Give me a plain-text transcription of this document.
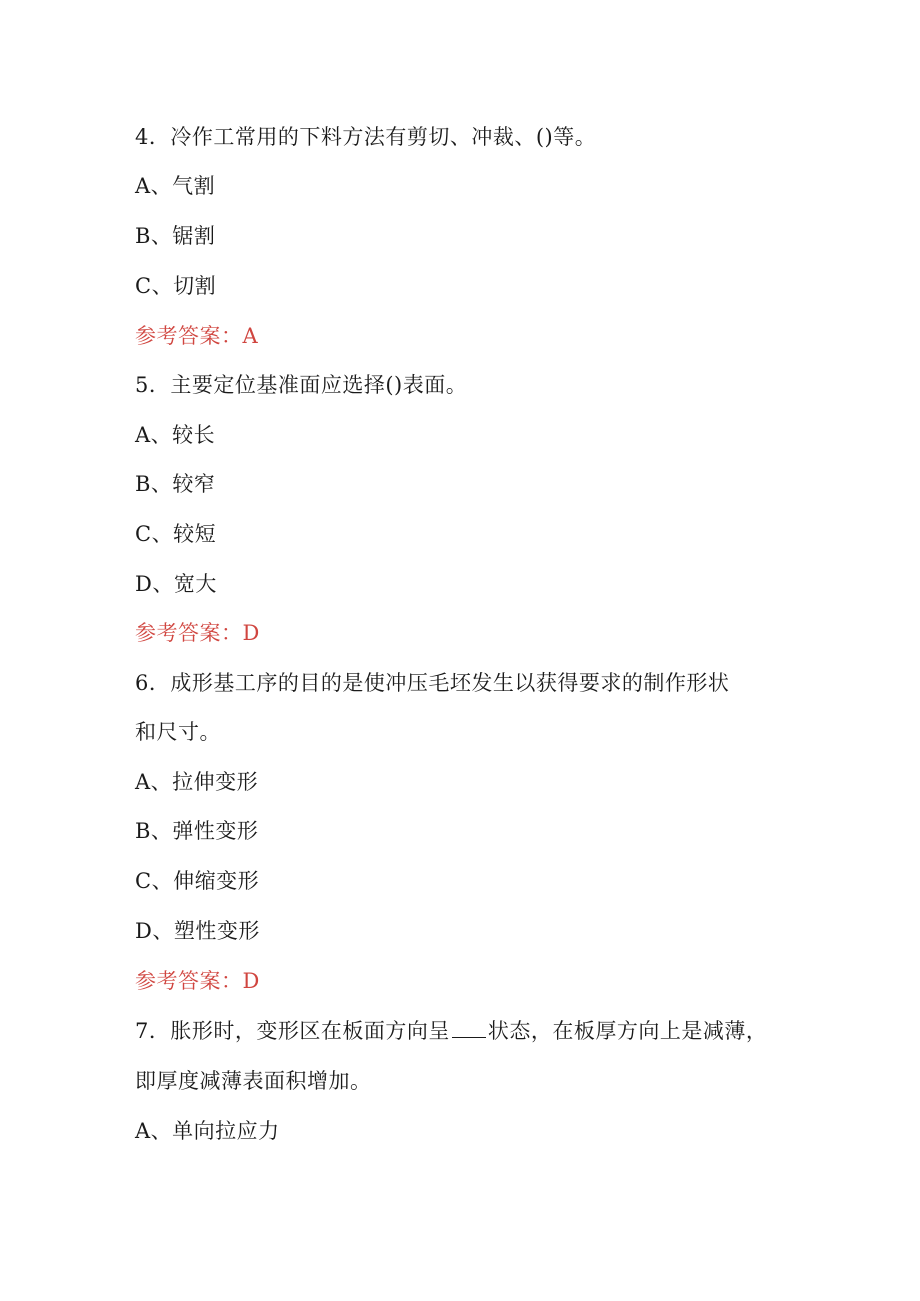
4．冷作工常用的下料方法有剪切、冲裁、()等。
A、气割
B、锯割
C、切割
参考答案：A
5．主要定位基准面应选择()表面。
A、较长
B、较窄
C、较短
D、宽大
参考答案：D
6．成形基工序的目的是使冲压毛坯发生以获得要求的制作形状
和尺寸。
A、拉伸变形
B、弹性变形
C、伸缩变形
D、塑性变形
参考答案：D
7．胀形时，变形区在板面方向呈 状态，在板厚方向上是减薄，
即厚度减薄表面积增加。
A、单向拉应力
